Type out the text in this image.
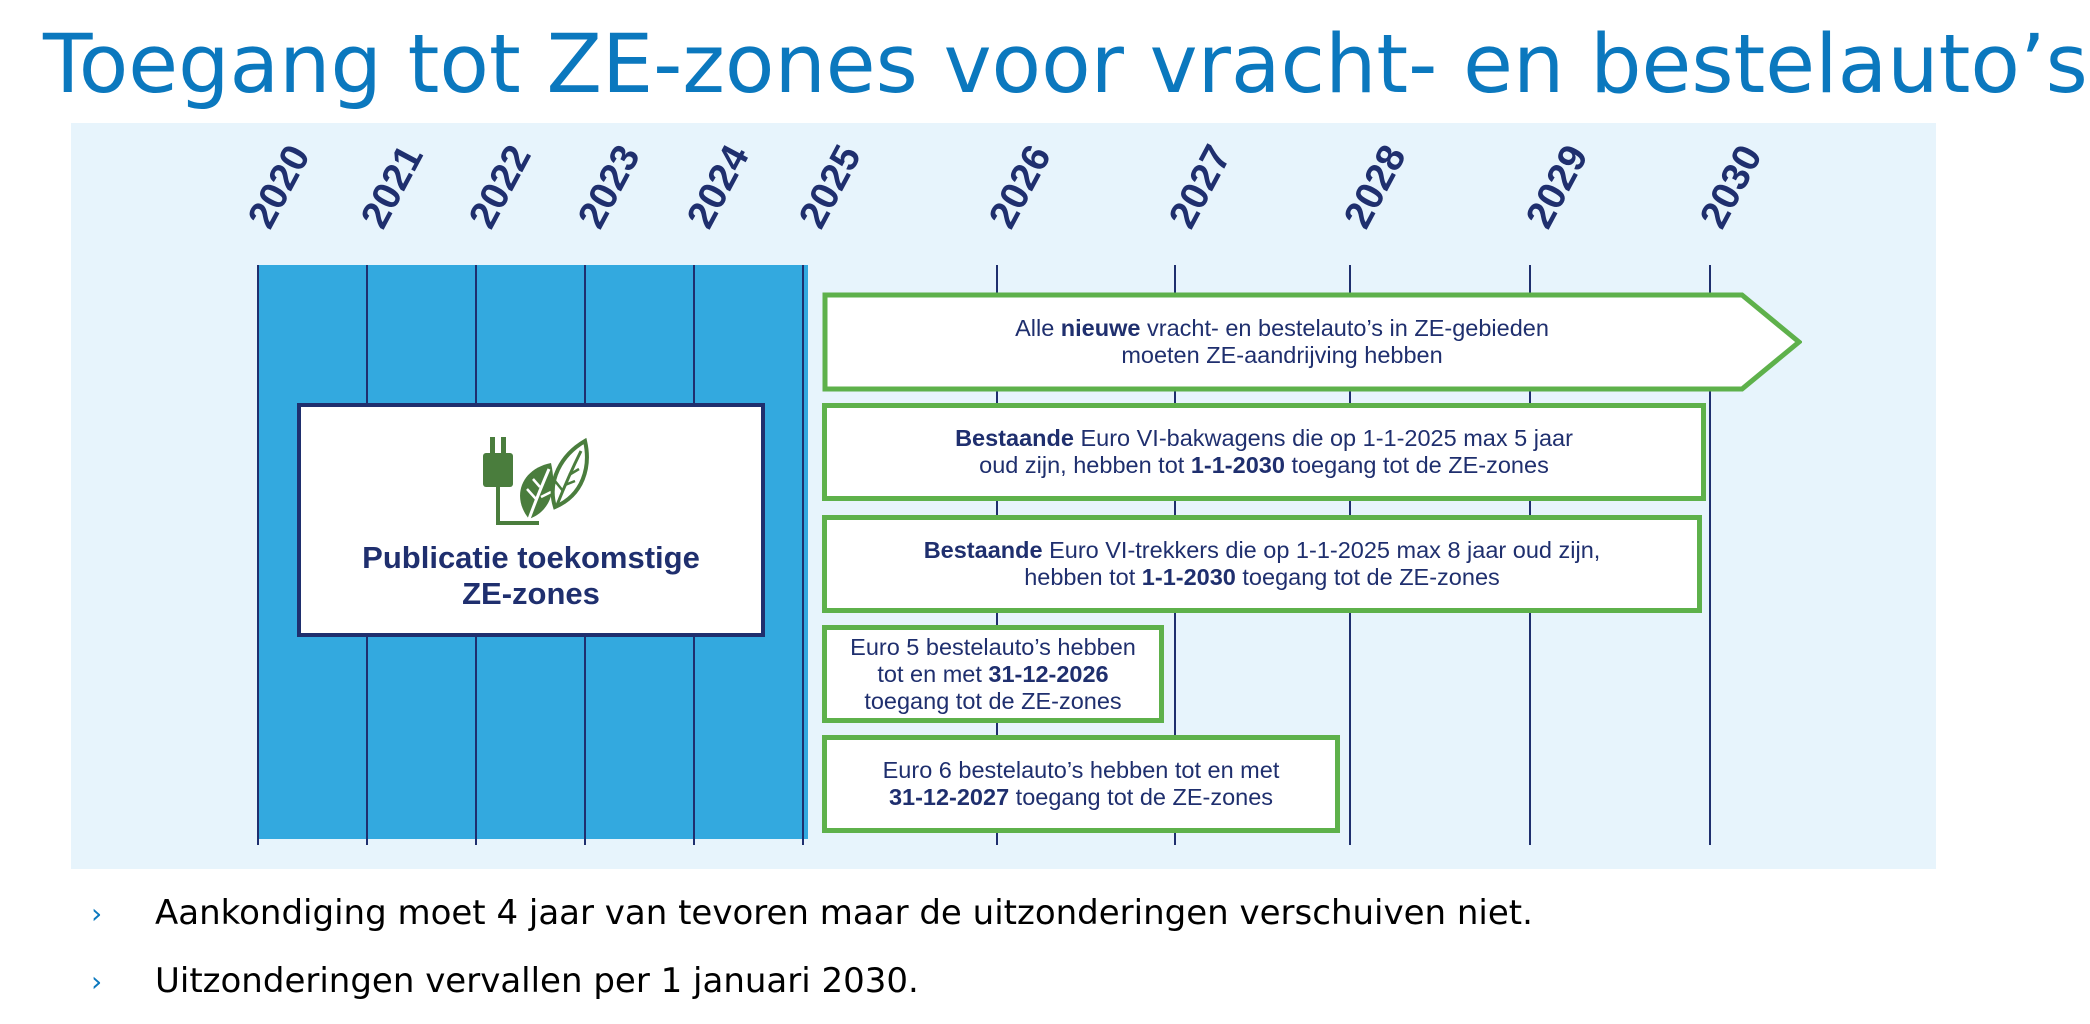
Toegang tot ZE-zones voor vracht- en bestelauto’s
2020 2021 2022 2023 2024 2025	2026	2027 2028	2029 2030
Publicatie toekomstige
ZE-zones
Alle nieuwe vracht- en bestelauto’s in ZE-gebieden
moeten ZE-aandrijving hebben
Bestaande Euro VI-bakwagens die op 1-1-2025 max 5 jaar
oud zijn, hebben tot 1-1-2030 toegang tot de ZE-zones
Bestaande Euro VI-trekkers die op 1-1-2025 max 8 jaar oud zijn,
hebben tot 1-1-2030 toegang tot de ZE-zones
Euro 5 bestelauto’s hebben
tot en met 31-12-2026
toegang tot de ZE-zones
Euro 6 bestelauto’s hebben tot en met
31-12-2027 toegang tot de ZE-zones
› Aankondiging moet 4 jaar van tevoren maar de uitzonderingen verschuiven niet.
› Uitzonderingen vervallen per 1 januari 2030.
